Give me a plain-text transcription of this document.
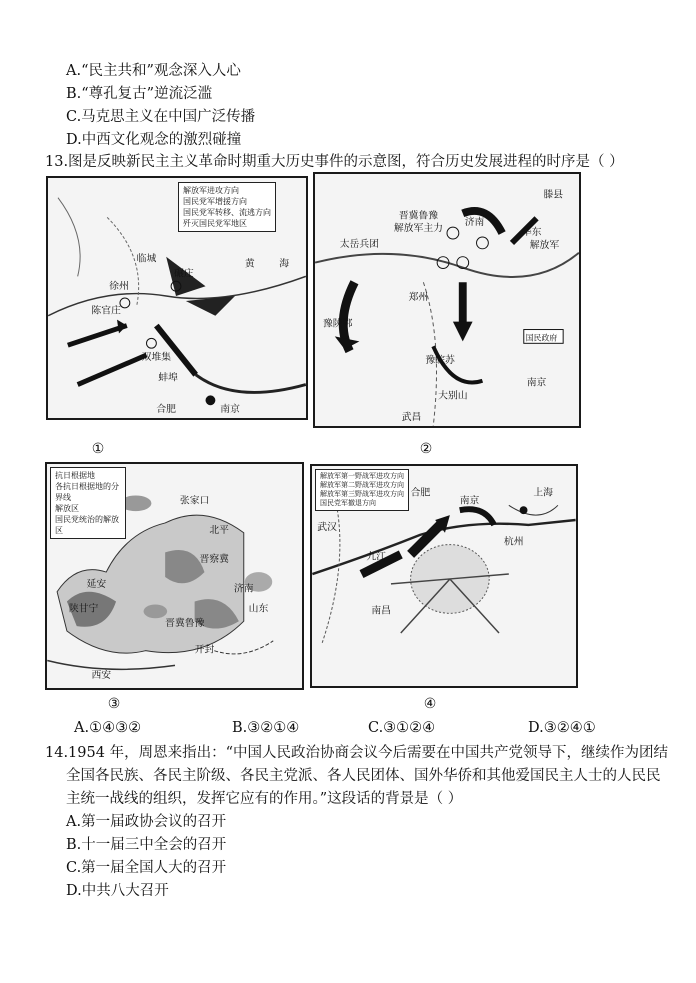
A.“民主共和”观念深入人心
B.“尊孔复古”逆流泛滥
C.马克思主义在中国广泛传播
D.中西文化观念的激烈碰撞
13.图是反映新民主主义革命时期重大历史事件的示意图，符合历史发展进程的时序是（ ）
黄 海
徐州
碾庄
陈官庄
双堆集
蚌埠
合肥	南京
临城
解放军进攻方向
国民党军增援方向
国民党军转移、流逃方向
歼灭国民党军地区
晋冀鲁豫
解放军主力
太岳兵团
济南
华东
解放军
豫陕鄂
郑州
豫皖苏
大别山
南京
武昌
滕县
国民政府
①	②
陕甘宁
晋察冀
晋冀鲁豫
山东
延安
西安
北平
济南
张家口
开封
抗日根据地
各抗日根据地的分界线
解放区
国民党统治的解放区
合肥
南京
上海
杭州
九江
武汉
南昌
解放军第一野战军进攻方向
解放军第二野战军进攻方向
解放军第三野战军进攻方向
国民党军撤退方向
③	④
A.①④③②	B.③②①④	C.③①②④	D.③②④①
14.1954 年，周恩来指出：“中国人民政治协商会议今后需要在中国共产党领导下，继续作为团结
全国各民族、各民主阶级、各民主党派、各人民团体、国外华侨和其他爱国民主人士的人民民
主统一战线的组织，发挥它应有的作用。”这段话的背景是（ ）
A.第一届政协会议的召开
B.十一届三中全会的召开
C.第一届全国人大的召开
D.中共八大召开
